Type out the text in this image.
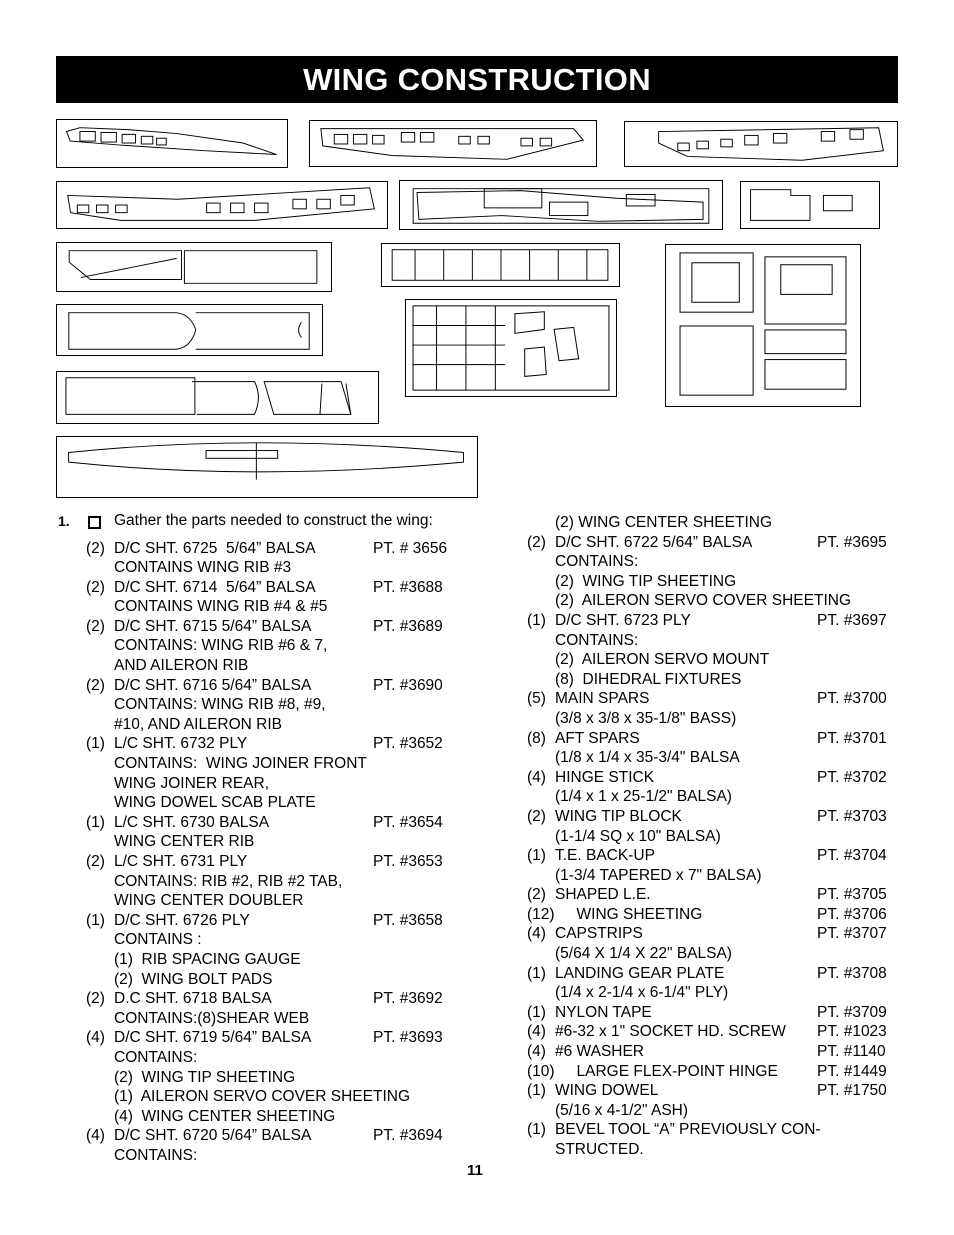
WING CONSTRUCTION
1.	Gather the parts needed to construct the wing:
(2) D/C SHT. 6725  5/64” BALSA	PT. # 3656
CONTAINS WING RIB #3
(2) D/C SHT. 6714  5/64” BALSA	PT. #3688
CONTAINS WING RIB #4 & #5
(2) D/C SHT. 6715 5/64” BALSA	PT. #3689
CONTAINS: WING RIB #6 & 7,
AND AILERON RIB
(2) D/C SHT. 6716 5/64” BALSA	PT. #3690
CONTAINS: WING RIB #8, #9,
#10, AND AILERON RIB
(1) L/C SHT. 6732 PLY	PT. #3652
CONTAINS:  WING JOINER FRONT
WING JOINER REAR,
WING DOWEL SCAB PLATE
(1) L/C SHT. 6730 BALSA	PT. #3654
WING CENTER RIB
(2) L/C SHT. 6731 PLY	PT. #3653
CONTAINS: RIB #2, RIB #2 TAB,
WING CENTER DOUBLER
(1) D/C SHT. 6726 PLY	PT. #3658
CONTAINS :
(1)  RIB SPACING GAUGE
(2)  WING BOLT PADS
(2) D.C SHT. 6718 BALSA	PT. #3692
CONTAINS:(8)SHEAR WEB
(4) D/C SHT. 6719 5/64” BALSA	PT. #3693
CONTAINS:
(2)  WING TIP SHEETING
(1)  AILERON SERVO COVER SHEETING
(4)  WING CENTER SHEETING
(4) D/C SHT. 6720 5/64” BALSA	PT. #3694
CONTAINS:
(2) WING CENTER SHEETING
(2) D/C SHT. 6722 5/64” BALSA	PT. #3695
CONTAINS:
(2)  WING TIP SHEETING
(2)  AILERON SERVO COVER SHEETING
(1) D/C SHT. 6723 PLY	PT. #3697
CONTAINS:
(2)  AILERON SERVO MOUNT
(8)  DIHEDRAL FIXTURES
(5) MAIN SPARS	PT. #3700
(3/8 x 3/8 x 35-1/8" BASS)
(8) AFT SPARS	PT. #3701
(1/8 x 1/4 x 35-3/4" BALSA
(4) HINGE STICK	PT. #3702
(1/4 x 1 x 25-1/2" BALSA)
(2) WING TIP BLOCK	PT. #3703
(1-1/4 SQ x 10" BALSA)
(1) T.E. BACK-UP	PT. #3704
(1-3/4 TAPERED x 7" BALSA)
(2) SHAPED L.E.	PT. #3705
(12) WING SHEETING	PT. #3706
(4) CAPSTRIPS	PT. #3707
(5/64 X 1/4 X 22" BALSA)
(1) LANDING GEAR PLATE	PT. #3708
(1/4 x 2-1/4 x 6-1/4" PLY)
(1) NYLON TAPE	PT. #3709
(4) #6-32 x 1" SOCKET HD. SCREW PT. #1023
(4) #6 WASHER	PT. #1140
(10) LARGE FLEX-POINT HINGE	PT. #1449
(1) WING DOWEL	PT. #1750
(5/16 x 4-1/2" ASH)
(1) BEVEL TOOL “A” PREVIOUSLY CON-
STRUCTED.
11
